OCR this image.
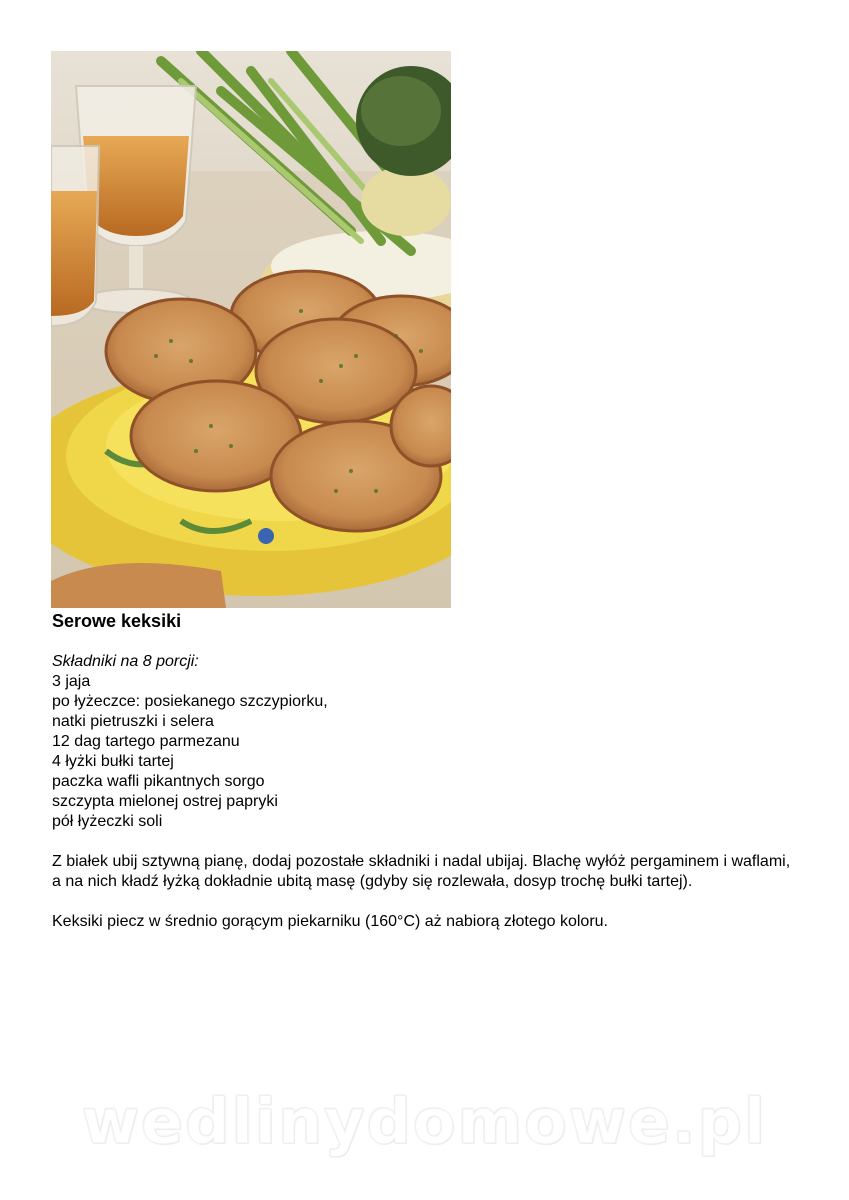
Serowe keksiki
Składniki na 8 porcji:
3 jaja
po łyżeczce: posiekanego szczypiorku,
natki pietruszki i selera
12 dag tartego parmezanu
4 łyżki bułki tartej
paczka wafli pikantnych sorgo
szczypta mielonej ostrej papryki
pół łyżeczki soli

Z białek ubij sztywną pianę, dodaj pozostałe składniki i nadal ubijaj. Blachę wyłóż pergaminem i waflami, a na nich kładź łyżką dokładnie ubitą masę (gdyby się rozlewała, dosyp trochę bułki tartej).

Keksiki piecz w średnio gorącym piekarniku (160°C) aż nabiorą złotego koloru.

wedlinydomowe.pl
